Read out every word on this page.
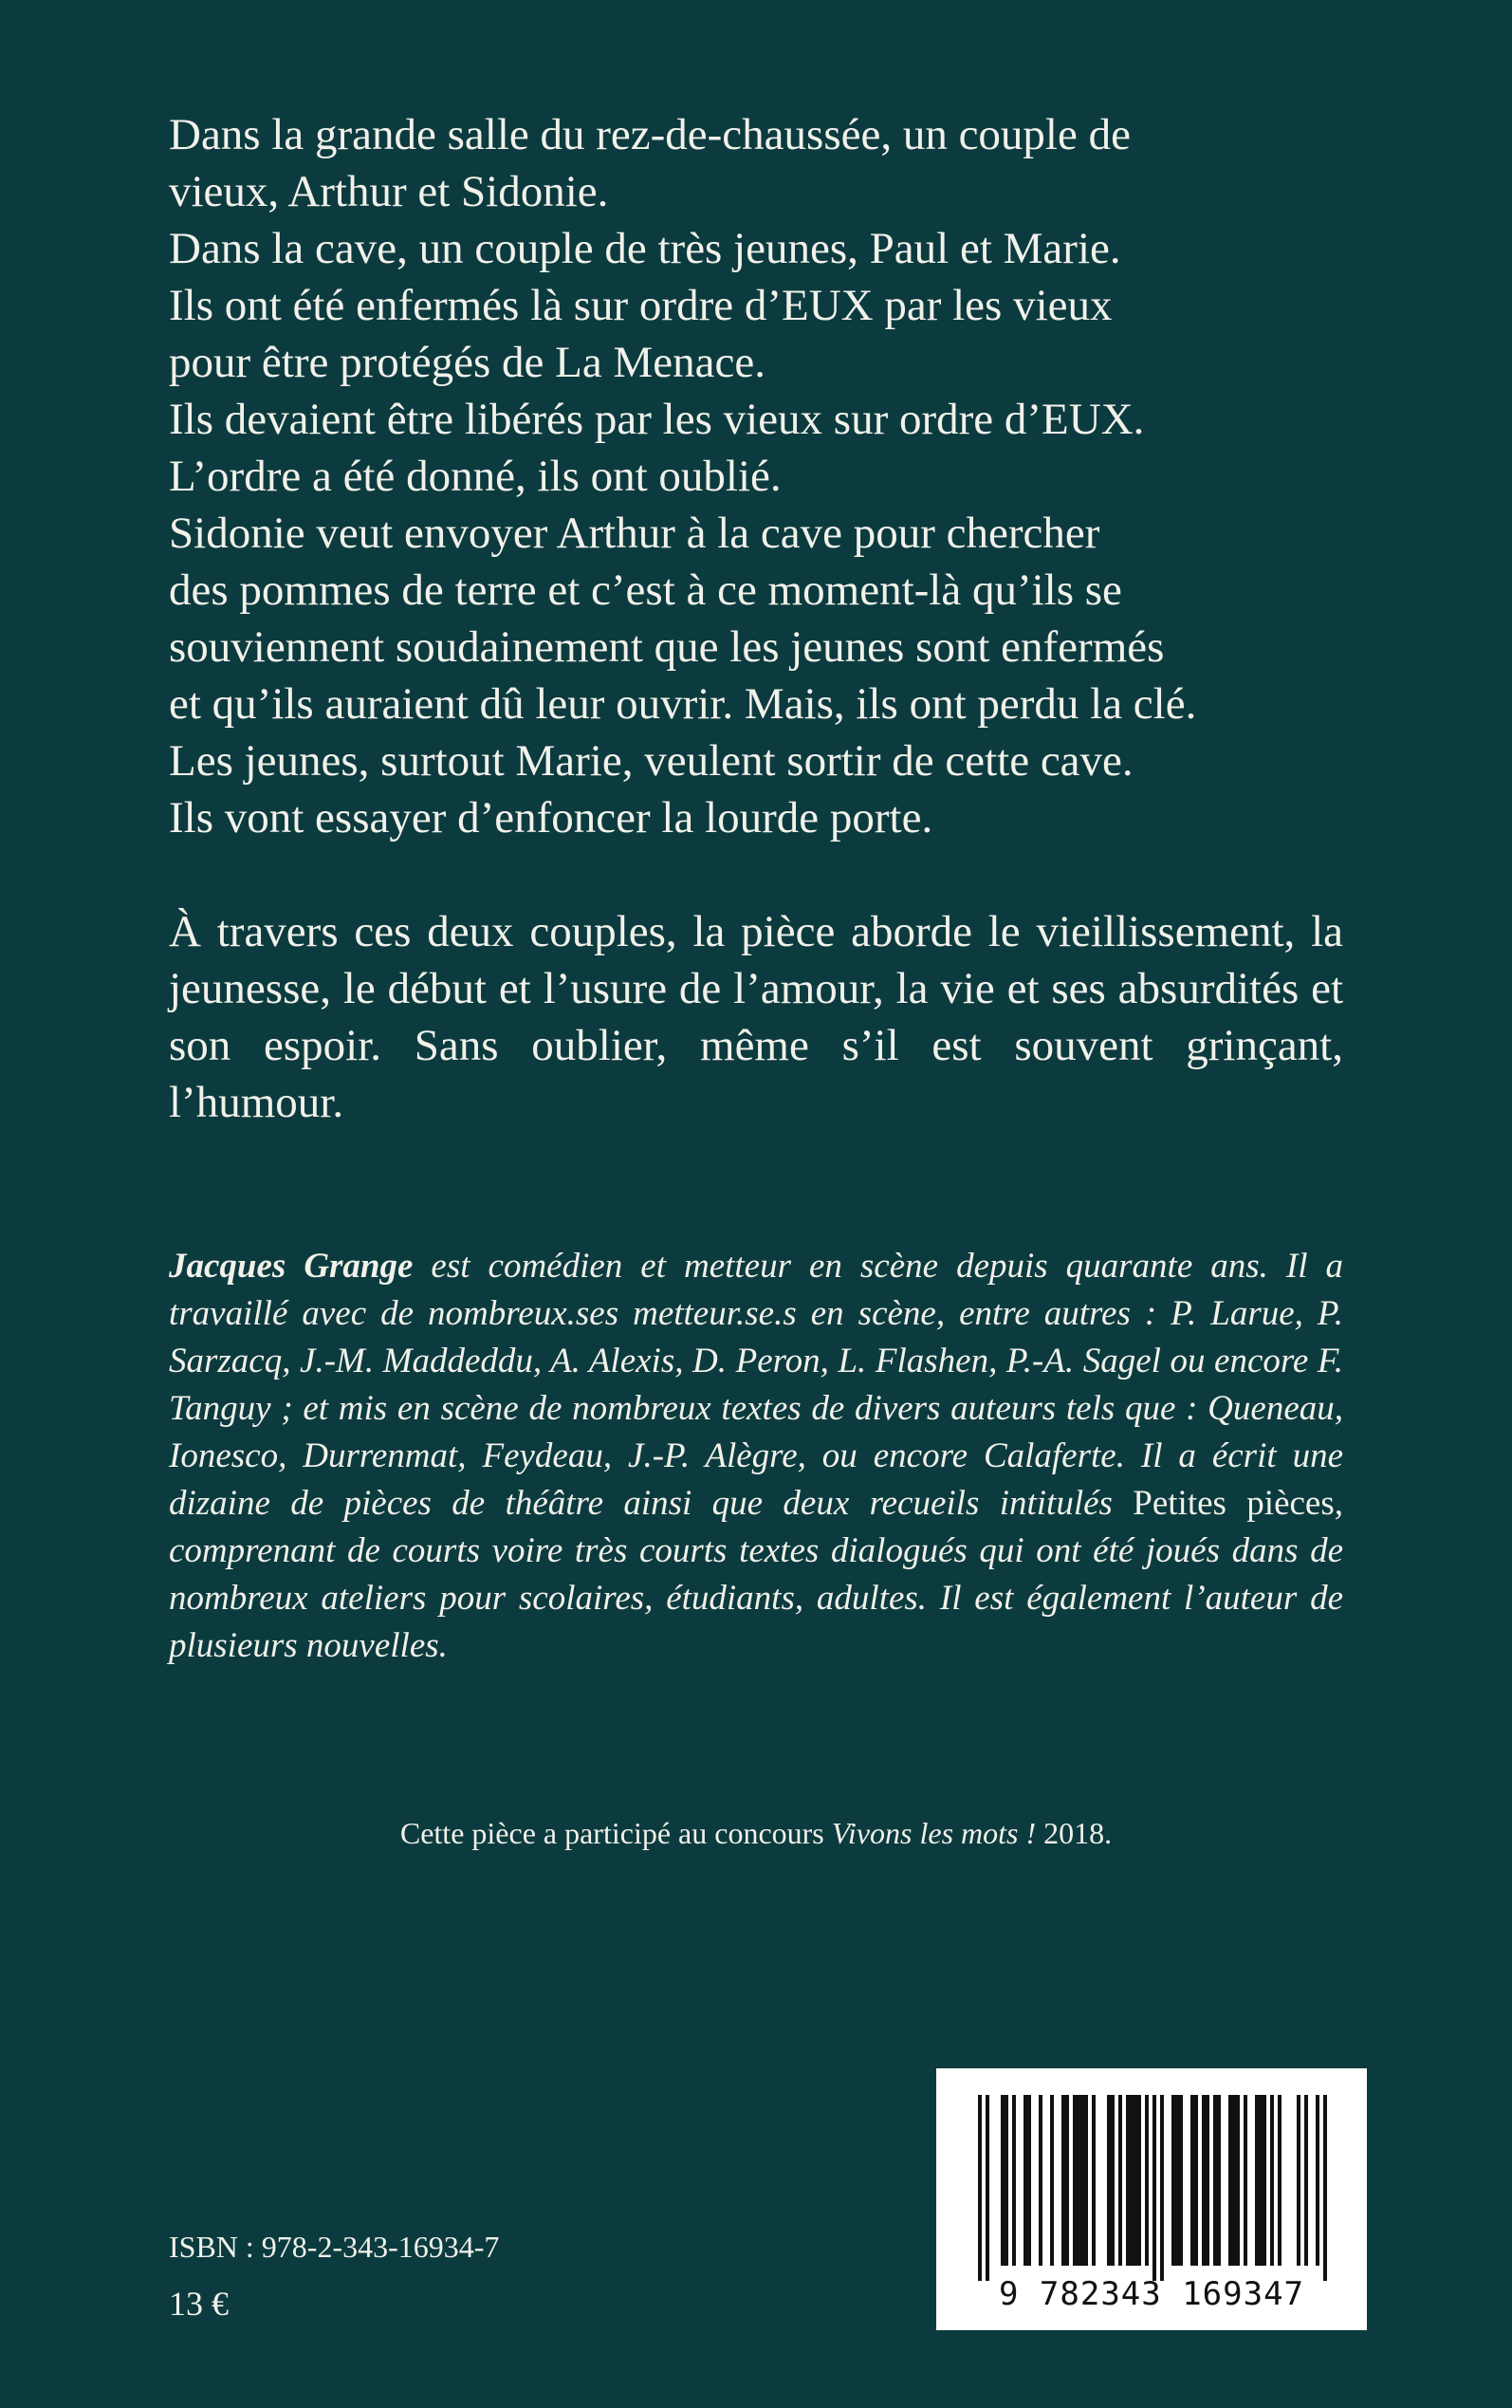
Dans la grande salle du rez-de-chaussée, un couple de
vieux, Arthur et Sidonie.
Dans la cave, un couple de très jeunes, Paul et Marie.
Ils ont été enfermés là sur ordre d’EUX par les vieux
pour être protégés de La Menace.
Ils devaient être libérés par les vieux sur ordre d’EUX.
L’ordre a été donné, ils ont oublié.
Sidonie veut envoyer Arthur à la cave pour chercher
des pommes de terre et c’est à ce moment-là qu’ils se
souviennent soudainement que les jeunes sont enfermés
et qu’ils auraient dû leur ouvrir. Mais, ils ont perdu la clé.
Les jeunes, surtout Marie, veulent sortir de cette cave.
Ils vont essayer d’enfoncer la lourde porte.

À travers ces deux couples, la pièce aborde le vieillissement, la jeunesse, le début et l’usure de l’amour, la vie et ses absurdités et son espoir. Sans oublier, même s’il est souvent grinçant, l’humour.

Jacques Grange est comédien et metteur en scène depuis quarante ans. Il a travaillé avec de nombreux.ses metteur.se.s en scène, entre autres : P. Larue, P. Sarzacq, J.-M. Maddeddu, A. Alexis, D. Peron, L. Flashen, P.-A. Sagel ou encore F. Tanguy ; et mis en scène de nombreux textes de divers auteurs tels que : Queneau, Ionesco, Durrenmat, Feydeau, J.-P. Alègre, ou encore Calaferte. Il a écrit une dizaine de pièces de théâtre ainsi que deux recueils intitulés Petites pièces, comprenant de courts voire très courts textes dialogués qui ont été joués dans de nombreux ateliers pour scolaires, étudiants, adultes. Il est également l’auteur de plusieurs nouvelles.

Cette pièce a participé au concours Vivons les mots ! 2018.

ISBN : 978-2-343-16934-7

13 €	9 782343 169347
